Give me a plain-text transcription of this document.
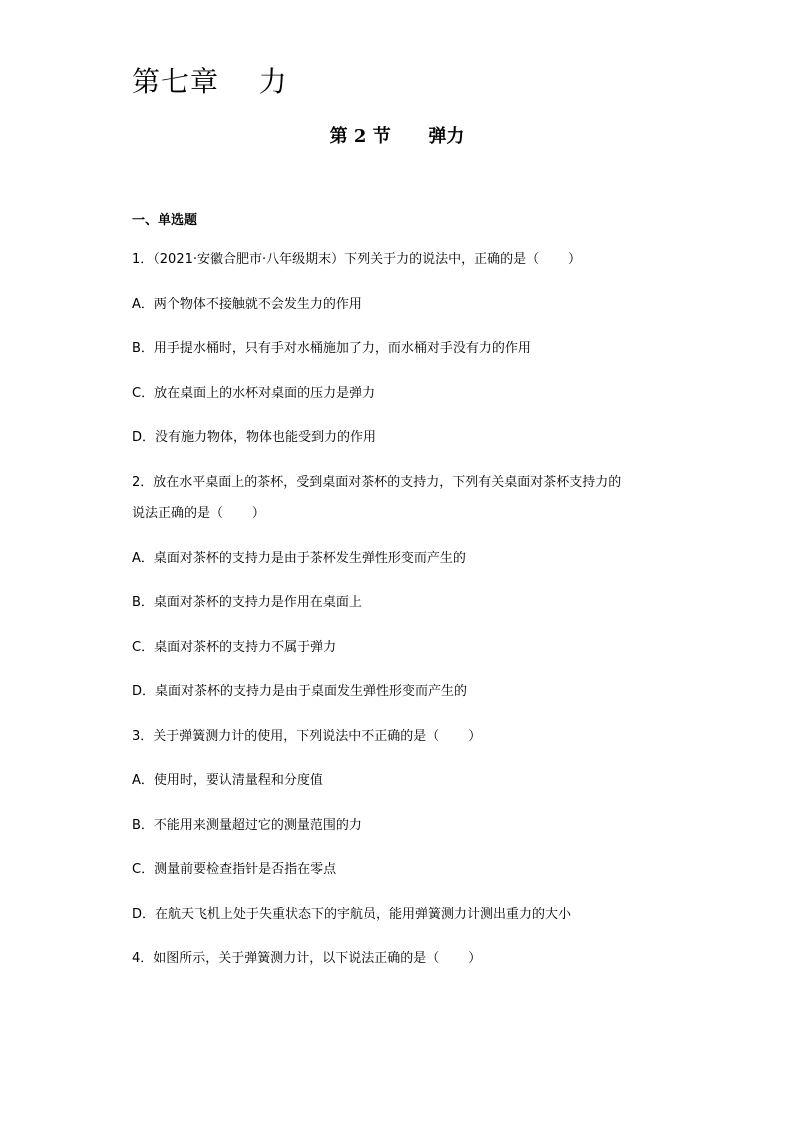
第七章    力
第 2 节      弹力
一、单选题
1．（2021·安徽合肥市·八年级期末）下列关于力的说法中，正确的是（       ）
A．两个物体不接触就不会发生力的作用
B．用手提水桶时，只有手对水桶施加了力，而水桶对手没有力的作用
C．放在桌面上的水杯对桌面的压力是弹力
D．没有施力物体，物体也能受到力的作用
2．放在水平桌面上的茶杯，受到桌面对茶杯的支持力，下列有关桌面对茶杯支持力的
说法正确的是（       ）
A．桌面对茶杯的支持力是由于茶杯发生弹性形变而产生的
B．桌面对茶杯的支持力是作用在桌面上
C．桌面对茶杯的支持力不属于弹力
D．桌面对茶杯的支持力是由于桌面发生弹性形变而产生的
3．关于弹簧测力计的使用，下列说法中不正确的是（       ）
A．使用时，要认清量程和分度值
B．不能用来测量超过它的测量范围的力
C．测量前要检查指针是否指在零点
D．在航天飞机上处于失重状态下的宇航员，能用弹簧测力计测出重力的大小
4．如图所示，关于弹簧测力计，以下说法正确的是（       ）
